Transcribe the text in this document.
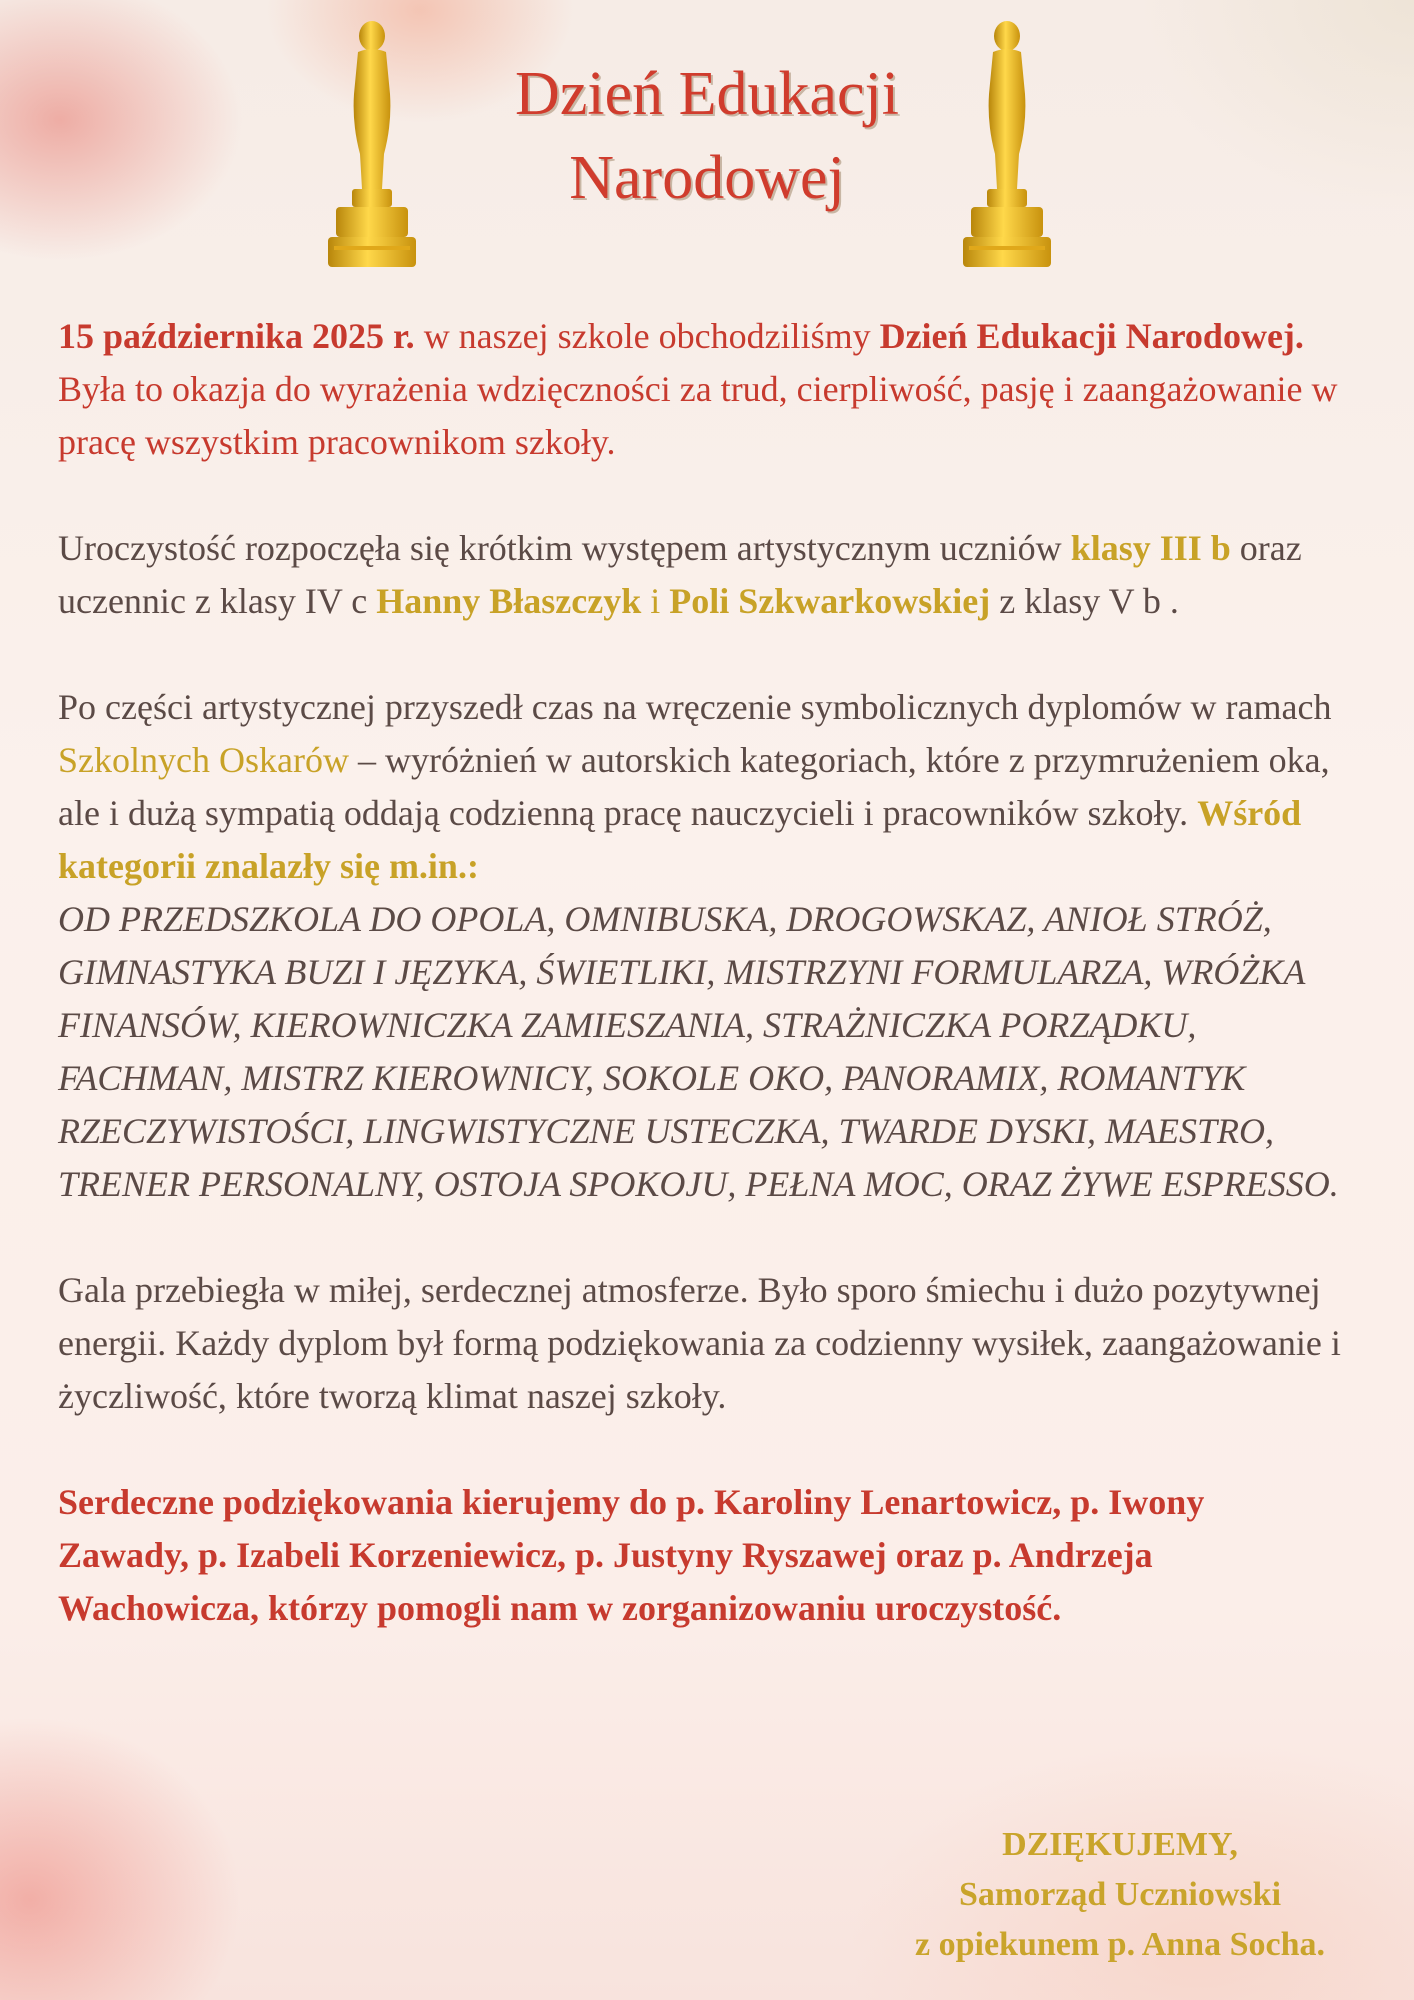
Dzień Edukacji
Narodowej

15 października 2025 r. w naszej szkole obchodziliśmy Dzień Edukacji Narodowej. Była to okazja do wyrażenia wdzięczności za trud, cierpliwość, pasję i zaangażowanie w pracę wszystkim pracownikom szkoły.

Uroczystość rozpoczęła się krótkim występem artystycznym uczniów klasy III b oraz uczennic z klasy IV c Hanny Błaszczyk i Poli Szkwarkowskiej z klasy V b .

Po części artystycznej przyszedł czas na wręczenie symbolicznych dyplomów w ramach Szkolnych Oskarów – wyróżnień w autorskich kategoriach, które z przymrużeniem oka, ale i dużą sympatią oddają codzienną pracę nauczycieli i pracowników szkoły. Wśród kategorii znalazły się m.in.:
OD PRZEDSZKOLA DO OPOLA, OMNIBUSKA, DROGOWSKAZ, ANIOŁ STRÓŻ, GIMNASTYKA BUZI I JĘZYKA, ŚWIETLIKI, MISTRZYNI FORMULARZA, WRÓŻKA FINANSÓW, KIEROWNICZKA ZAMIESZANIA, STRAŻNICZKA PORZĄDKU, FACHMAN, MISTRZ KIEROWNICY, SOKOLE OKO, PANORAMIX, ROMANTYK RZECZYWISTOŚCI, LINGWISTYCZNE USTECZKA, TWARDE DYSKI, MAESTRO, TRENER PERSONALNY, OSTOJA SPOKOJU, PEŁNA MOC, ORAZ ŻYWE ESPRESSO.

Gala przebiegła w miłej, serdecznej atmosferze. Było sporo śmiechu i dużo pozytywnej energii. Każdy dyplom był formą podziękowania za codzienny wysiłek, zaangażowanie i życzliwość, które tworzą klimat naszej szkoły.

Serdeczne podziękowania kierujemy do p. Karoliny Lenartowicz, p. Iwony Zawady, p. Izabeli Korzeniewicz, p. Justyny Ryszawej oraz p. Andrzeja Wachowicza, którzy pomogli nam w zorganizowaniu uroczystość.

DZIĘKUJEMY,
Samorząd Uczniowski
z opiekunem p. Anna Socha.
